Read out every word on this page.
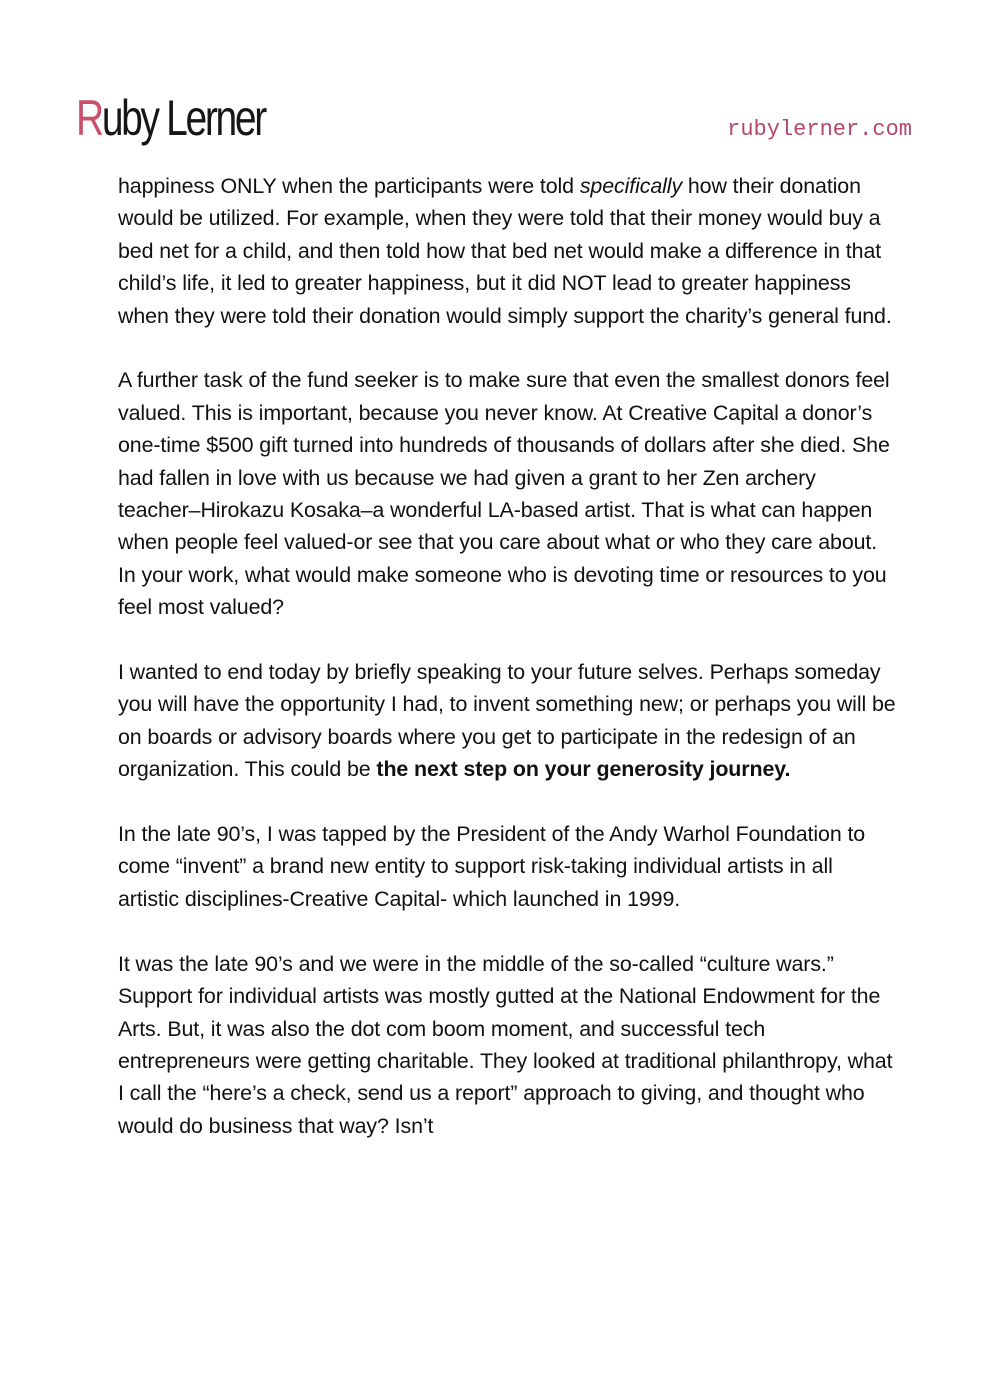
Ruby Lerner	rubylerner.com

happiness ONLY when the participants were told specifically how their donation would be utilized. For example, when they were told that their money would buy a bed net for a child, and then told how that bed net would make a difference in that child’s life, it led to greater happiness, but it did NOT lead to greater happiness when they were told their donation would simply support the charity’s general fund.

A further task of the fund seeker is to make sure that even the smallest donors feel valued. This is important, because you never know. At Creative Capital a donor’s one-time $500 gift turned into hundreds of thousands of dollars after she died. She had fallen in love with us because we had given a grant to her Zen archery teacher–Hirokazu Kosaka–a wonderful LA-based artist. That is what can happen when people feel valued-or see that you care about what or who they care about. In your work, what would make someone who is devoting time or resources to you feel most valued?

I wanted to end today by briefly speaking to your future selves. Perhaps someday you will have the opportunity I had, to invent something new; or perhaps you will be on boards or advisory boards where you get to participate in the redesign of an organization. This could be the next step on your generosity journey.

In the late 90’s, I was tapped by the President of the Andy Warhol Foundation to come “invent” a brand new entity to support risk-taking individual artists in all artistic disciplines-Creative Capital- which launched in 1999.

It was the late 90’s and we were in the middle of the so-called “culture wars.” Support for individual artists was mostly gutted at the National Endowment for the Arts. But, it was also the dot com boom moment, and successful tech entrepreneurs were getting charitable. They looked at traditional philanthropy, what I call the “here’s a check, send us a report” approach to giving, and thought who would do business that way? Isn’t
